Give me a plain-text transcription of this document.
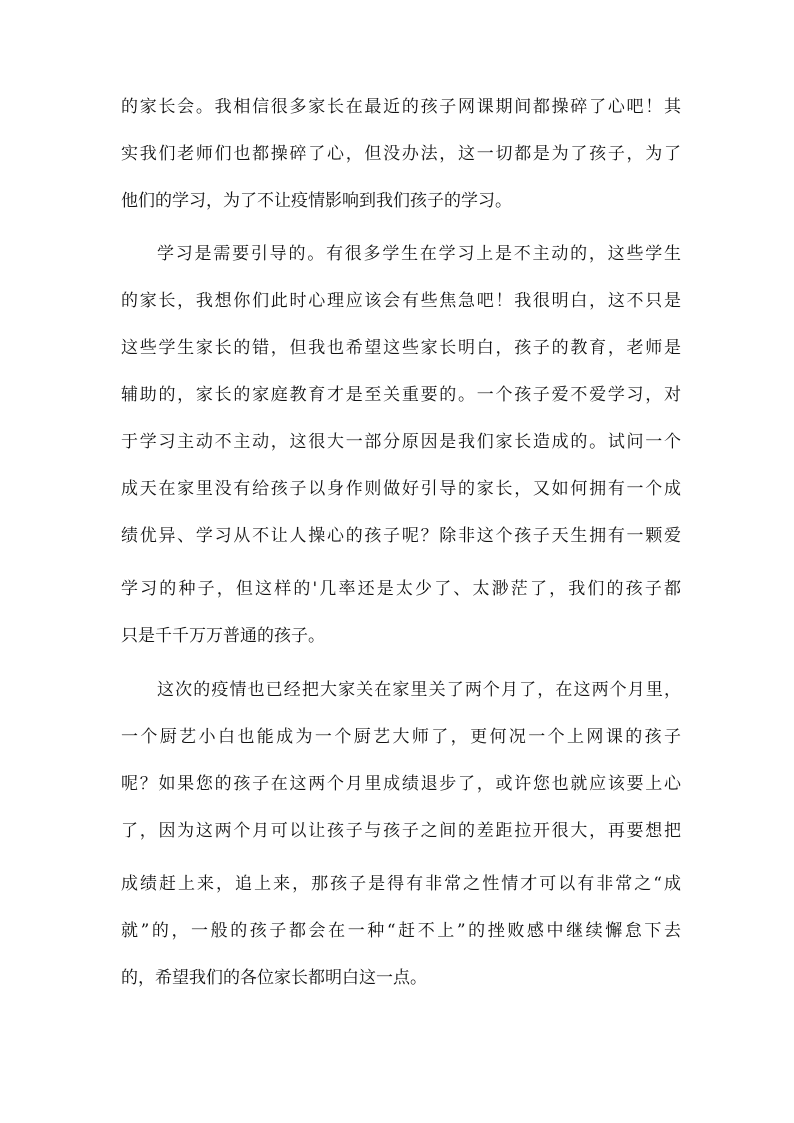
的家长会。我相信很多家长在最近的孩子网课期间都操碎了心吧！其
实我们老师们也都操碎了心，但没办法，这一切都是为了孩子，为了
他们的学习，为了不让疫情影响到我们孩子的学习。
学习是需要引导的。有很多学生在学习上是不主动的，这些学生
的家长，我想你们此时心理应该会有些焦急吧！我很明白，这不只是
这些学生家长的错，但我也希望这些家长明白，孩子的教育，老师是
辅助的，家长的家庭教育才是至关重要的。一个孩子爱不爱学习，对
于学习主动不主动，这很大一部分原因是我们家长造成的。试问一个
成天在家里没有给孩子以身作则做好引导的家长，又如何拥有一个成
绩优异、学习从不让人操心的孩子呢？除非这个孩子天生拥有一颗爱
学习的种子，但这样的'几率还是太少了、太渺茫了，我们的孩子都
只是千千万万普通的孩子。
这次的疫情也已经把大家关在家里关了两个月了，在这两个月里，
一个厨艺小白也能成为一个厨艺大师了，更何况一个上网课的孩子
呢？如果您的孩子在这两个月里成绩退步了，或许您也就应该要上心
了，因为这两个月可以让孩子与孩子之间的差距拉开很大，再要想把
成绩赶上来，追上来，那孩子是得有非常之性情才可以有非常之“成
就”的，一般的孩子都会在一种“赶不上”的挫败感中继续懈怠下去
的，希望我们的各位家长都明白这一点。
